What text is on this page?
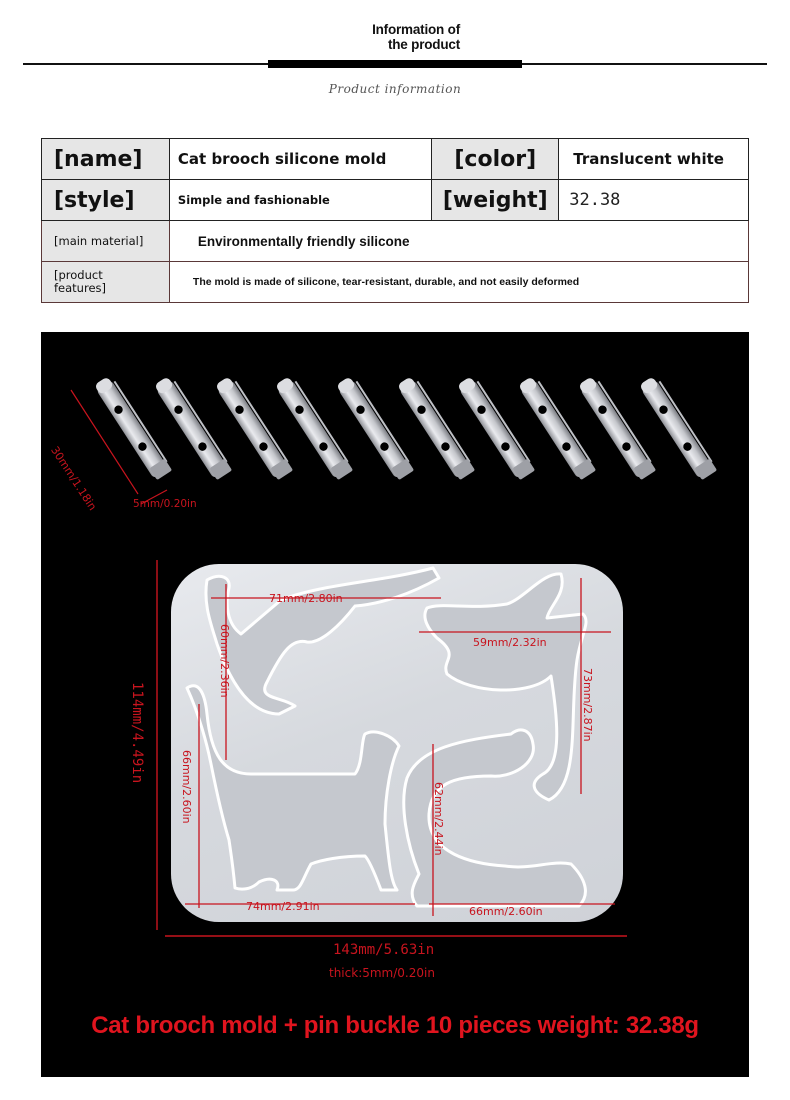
Information of
the product
Product information
[name]	Cat brooch silicone mold	[color]	Translucent white
[style]	Simple and fashionable	[weight]	32.38
[main material]	Environmentally friendly silicone		
[product features]	The mold is made of silicone, tear-resistant, durable, and not easily deformed		
30mm/1.18in	5mm/0.20in
71mm/2.80in
60mm/2.36in	59mm/2.32in
73mm/2.87in
66mm/2.60in
74mm/2.91in
62mm/2.44in
66mm/2.60in
114mm/4.49in
143mm/5.63in
thick:5mm/0.20in
Cat brooch mold + pin buckle 10 pieces weight: 32.38g
